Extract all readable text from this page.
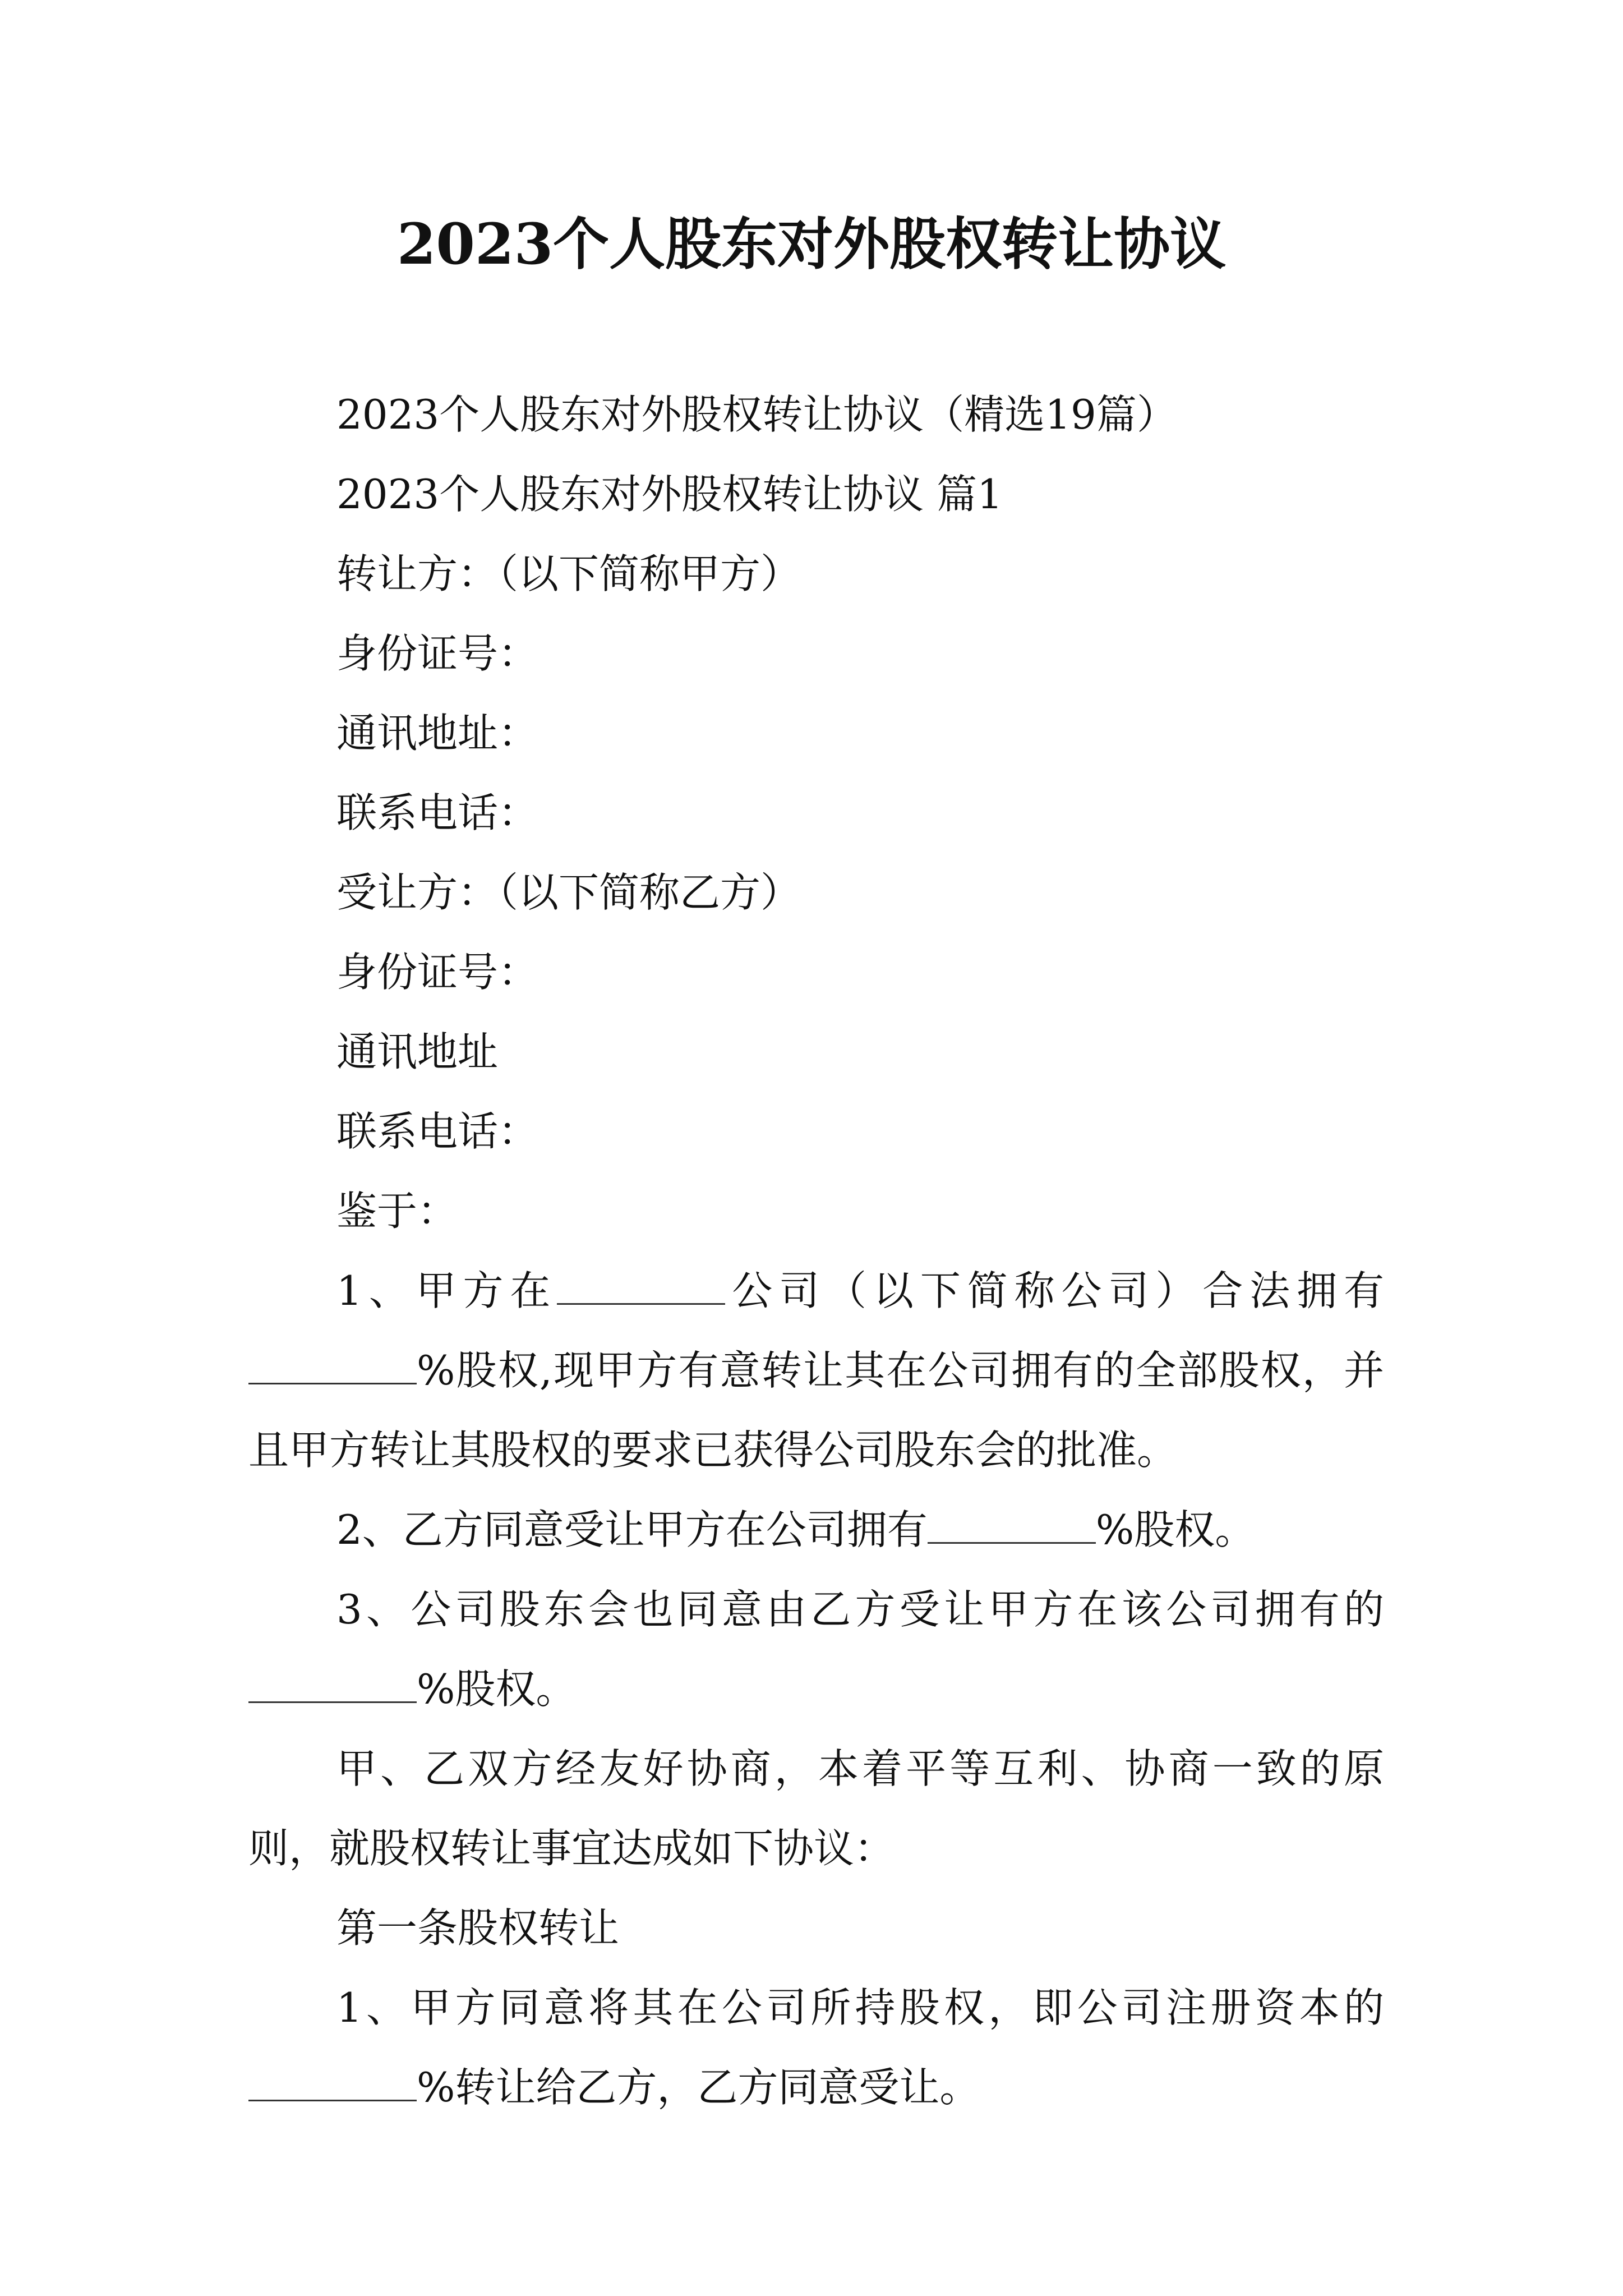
2023个人股东对外股权转让协议
2023个人股东对外股权转让协议（精选19篇）
2023个人股东对外股权转让协议 篇1
转让方：（以下简称甲方）
身份证号：
通讯地址：
联系电话：
受让方：（以下简称乙方）
身份证号：
通讯地址
联系电话：
鉴于：
1、甲方在	公司（以下简称公司）合法拥有%股权,现甲方有意转让其在公司拥有的全部股权，并且甲方转让其股权的要求已获得公司股东会的批准。
2、乙方同意受让甲方在公司拥有	%股权。
3、公司股东会也同意由乙方受让甲方在该公司拥有的%股权。
甲、乙双方经友好协商，本着平等互利、协商一致的原则，就股权转让事宜达成如下协议：
第一条股权转让
1、甲方同意将其在公司所持股权，即公司注册资本的%转让给乙方，乙方同意受让。
